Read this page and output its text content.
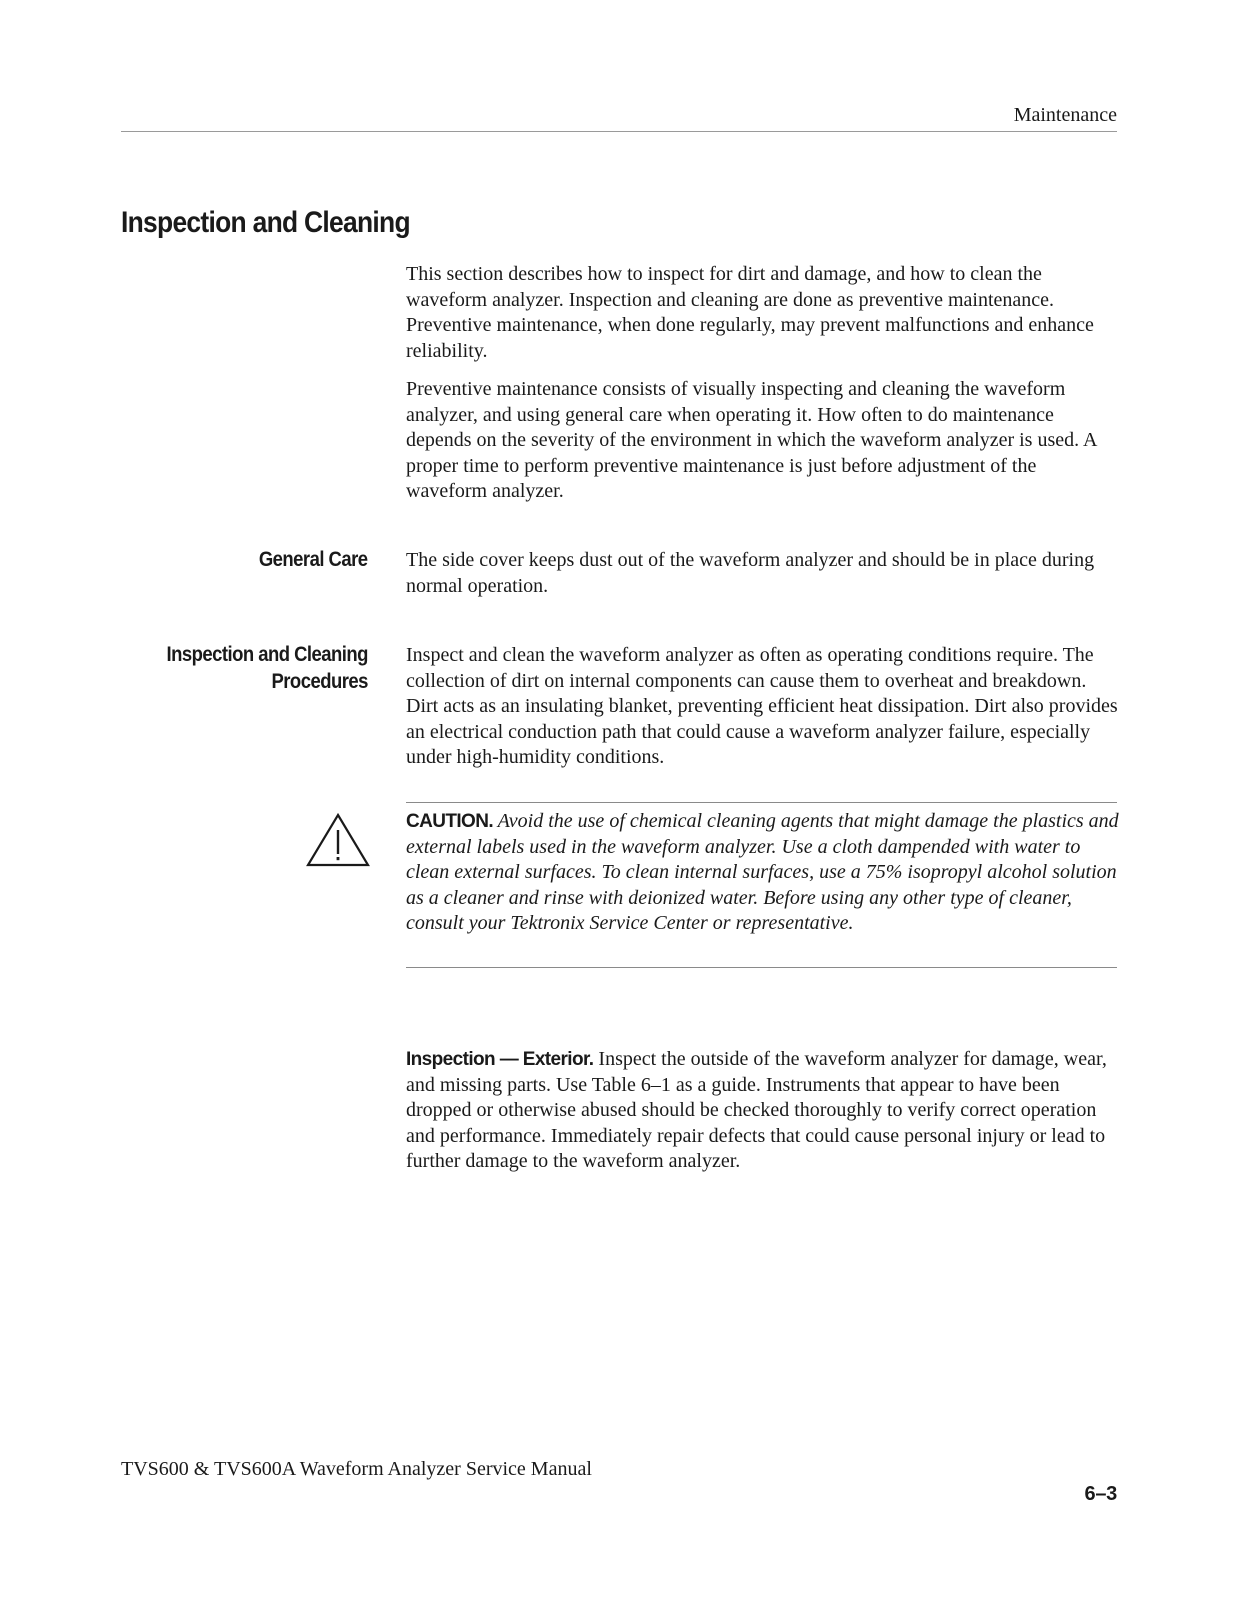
Maintenance
Inspection and Cleaning

This section describes how to inspect for dirt and damage, and how to clean the waveform analyzer. Inspection and cleaning are done as preventive maintenance. Preventive maintenance, when done regularly, may prevent malfunctions and enhance reliability.

Preventive maintenance consists of visually inspecting and cleaning the waveform analyzer, and using general care when operating it. How often to do maintenance depends on the severity of the environment in which the waveform analyzer is used. A proper time to perform preventive maintenance is just before adjustment of the waveform analyzer.

General Care The side cover keeps dust out of the waveform analyzer and should be in place during normal operation.

Inspection and Cleaning
Procedures

Inspect and clean the waveform analyzer as often as operating conditions require. The collection of dirt on internal components can cause them to overheat and breakdown. Dirt acts as an insulating blanket, preventing efficient heat dissipation. Dirt also provides an electrical conduction path that could cause a waveform analyzer failure, especially under high-humidity conditions.

CAUTION. Avoid the use of chemical cleaning agents that might damage the plastics and external labels used in the waveform analyzer. Use a cloth dampended with water to clean external surfaces. To clean internal surfaces, use a 75% isopropyl alcohol solution as a cleaner and rinse with deionized water. Before using any other type of cleaner, consult your Tektronix Service Center or representative.

Inspection — Exterior. Inspect the outside of the waveform analyzer for damage, wear, and missing parts. Use Table 6–1 as a guide. Instruments that appear to have been dropped or otherwise abused should be checked thoroughly to verify correct operation and performance. Immediately repair defects that could cause personal injury or lead to further damage to the waveform analyzer.

TVS600 & TVS600A Waveform Analyzer Service Manual
6–3
